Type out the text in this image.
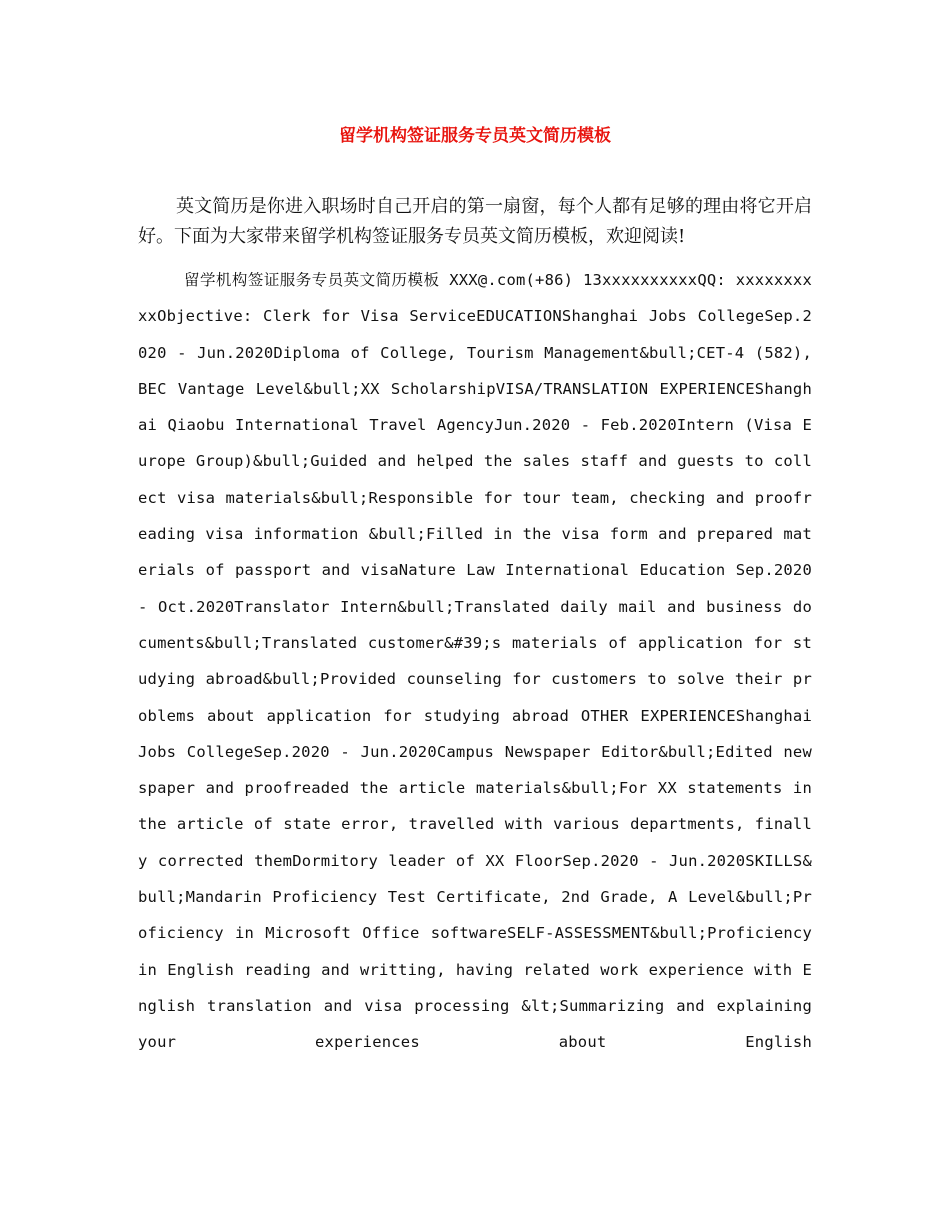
留学机构签证服务专员英文简历模板

英文简历是你进入职场时自己开启的第一扇窗，每个人都有足够的理由将它开启好。下面为大家带来留学机构签证服务专员英文简历模板，欢迎阅读!

留学机构签证服务专员英文简历模板 XXX@.com(+86) 13xxxxxxxxxxQQ: xxxxxxxxxxObjective: Clerk for Visa ServiceEDUCATIONShanghai Jobs CollegeSep.2020 - Jun.2020Diploma of College, Tourism Management&bull;CET-4 (582), BEC Vantage Level&bull;XX ScholarshipVISA/TRANSLATION EXPERIENCEShanghai Qiaobu International Travel AgencyJun.2020 - Feb.2020Intern (Visa Europe Group)&bull;Guided and helped the sales staff and guests to collect visa materials&bull;Responsible for tour team, checking and proofreading visa information &bull;Filled in the visa form and prepared materials of passport and visaNature Law International Education Sep.2020 - Oct.2020Translator Intern&bull;Translated daily mail and business documents&bull;Translated customer&#39;s materials of application for studying abroad&bull;Provided counseling for customers to solve their problems about application for studying abroad OTHER EXPERIENCEShanghai Jobs CollegeSep.2020 - Jun.2020Campus Newspaper Editor&bull;Edited newspaper and proofreaded the article materials&bull;For XX statements in the article of state error, travelled with various departments, finally corrected themDormitory leader of XX FloorSep.2020 - Jun.2020SKILLS&bull;Mandarin Proficiency Test Certificate, 2nd Grade, A Level&bull;Proficiency in Microsoft Office softwareSELF-ASSESSMENT&bull;Proficiency in English reading and writting, having related work experience with English translation and visa processing &lt;Summarizing and explaining your experiences about English
